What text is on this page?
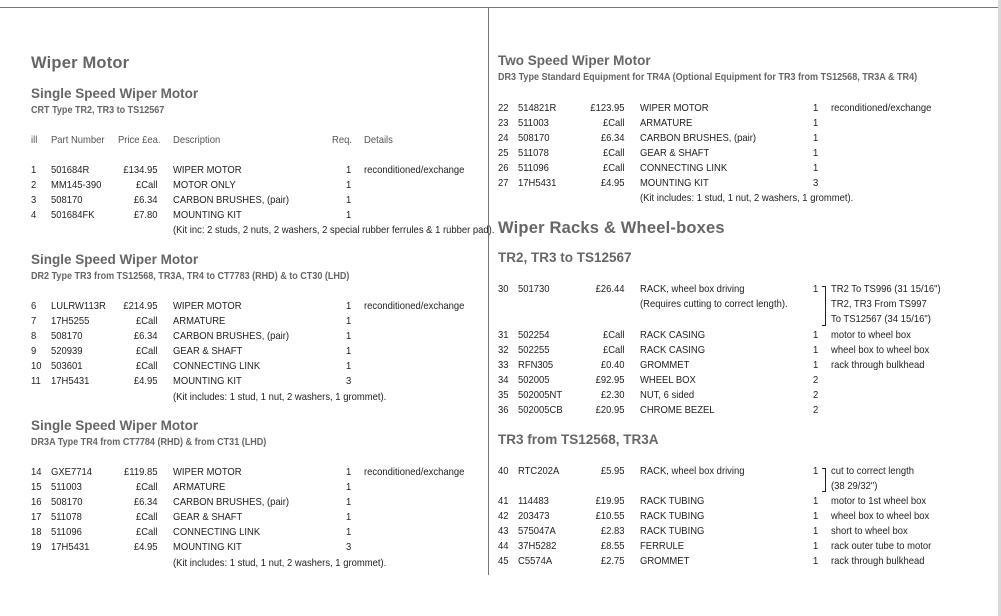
Wiper Motor
Single Speed Wiper Motor
CRT Type TR2, TR3 to TS12567
ill Part Number Price £ea. Description	Req. Details
1 501684R	£134.95 WIPER MOTOR	1 reconditioned/exchange
2 MM145-390	£Call MOTOR ONLY	1
3 508170	£6.34 CARBON BRUSHES, (pair)	1
4 501684FK	£7.80 MOUNTING KIT	1
(Kit inc: 2 studs, 2 nuts, 2 washers, 2 special rubber ferrules & 1 rubber pad).
Single Speed Wiper Motor
DR2 Type TR3 from TS12568, TR3A, TR4 to CT7783 (RHD) & to CT30 (LHD)
6 LULRW113R	£214.95 WIPER MOTOR	1 reconditioned/exchange
7 17H5255	£Call ARMATURE	1
8 508170	£6.34 CARBON BRUSHES, (pair)	1
9 520939	£Call GEAR & SHAFT	1
10 503601	£Call CONNECTING LINK	1
11 17H5431	£4.95 MOUNTING KIT	3
(Kit includes: 1 stud, 1 nut, 2 washers, 1 grommet).
Single Speed Wiper Motor
DR3A Type TR4 from CT7784 (RHD) & from CT31 (LHD)
14 GXE7714	£119.85 WIPER MOTOR	1 reconditioned/exchange
15 511003	£Call ARMATURE	1
16 508170	£6.34 CARBON BRUSHES, (pair)	1
17 511078	£Call GEAR & SHAFT	1
18 511096	£Call CONNECTING LINK	1
19 17H5431	£4.95 MOUNTING KIT	3
(Kit includes: 1 stud, 1 nut, 2 washers, 1 grommet).
Two Speed Wiper Motor
DR3 Type Standard Equipment for TR4A (Optional Equipment for TR3 from TS12568, TR3A & TR4)
22 514821R	£123.95 WIPER MOTOR	1 reconditioned/exchange
23 511003	£Call ARMATURE	1
24 508170	£6.34 CARBON BRUSHES, (pair)	1
25 511078	£Call GEAR & SHAFT	1
26 511096	£Call CONNECTING LINK	1
27 17H5431	£4.95 MOUNTING KIT	3
(Kit includes: 1 stud, 1 nut, 2 washers, 1 grommet).
Wiper Racks & Wheel-boxes
TR2, TR3 to TS12567
30 501730	£26.44 RACK, wheel box driving	1 TR2 To TS996 (31 15/16")
(Requires cutting to correct length).	TR2, TR3 From TS997
To TS12567 (34 15/16")
31 502254	£Call RACK CASING	1 motor to wheel box
32 502255	£Call RACK CASING	1 wheel box to wheel box
33 RFN305	£0.40 GROMMET	1 rack through bulkhead
34 502005	£92.95 WHEEL BOX	2
35 502005NT	£2.30 NUT, 6 sided	2
36 502005CB	£20.95 CHROME BEZEL	2
TR3 from TS12568, TR3A
40 RTC202A	£5.95 RACK, wheel box driving	1 cut to correct length
(38 29/32")
41 114483	£19.95 RACK TUBING	1 motor to 1st wheel box
42 203473	£10.55 RACK TUBING	1 wheel box to wheel box
43 575047A	£2.83 RACK TUBING	1 short to wheel box
44 37H5282	£8.55 FERRULE	1 rack outer tube to motor
45 C5574A	£2.75 GROMMET	1 rack through bulkhead
